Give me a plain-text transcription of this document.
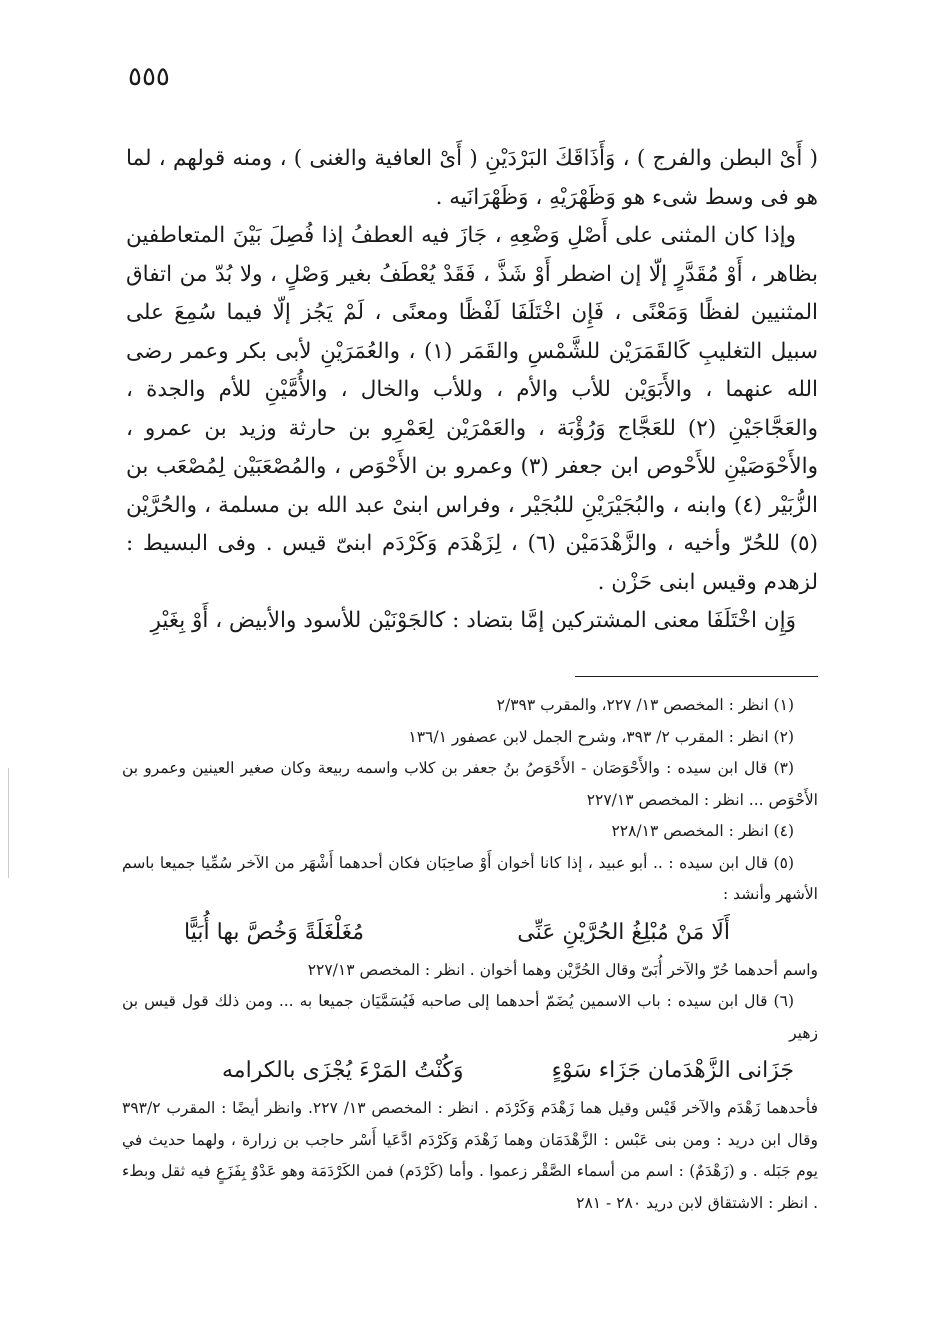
٥٥٥

( أَىْ البطن والفرج ) ، وَأَذَاقَكَ البَرْدَيْنِ ( أَىْ العافية والغنى ) ، ومنه قولهم ، لما هو فى وسط شىء هو وَظَهْرَيْهِ ، وَظَهْرَانَيه .

وإذا كان المثنى على أَصْلِ وَضْعِهِ ، جَازَ فيه العطفُ إذا فُصِلَ بَيْنَ المتعاطفين بظاهر ، أَوْ مُقَدَّرٍ إلّا إن اضطر أَوْ شَذَّ ، فَقَدْ يُعْطَفُ بغير وَصْلٍ ، ولا بُدّ من اتفاق المثنيين لفظًا وَمَعْنًى ، فَإِن اخْتَلَفَا لَفْظًا ومعنًى ، لَمْ يَجُز إلّا فيما سُمِعَ على سبيل التغليبِ كَالقَمَرَيْن للشَّمْسِ والقَمَر (١) ، والعُمَرَيْنِ لأبى بكر وعمر رضى الله عنهما ، والأَبَوَيْن للأب والأم ، وللأب والخال ، والأُمَّيْنِ للأم والجدة ، والعَجَّاجَيْنِ (٢) للعَجَّاج وَرُؤْبَة ، والعَمْرَيْن لِعَمْرِو بن حارثة وزيد بن عمرو ، والأَحْوَصَيْنِ للأَحْوص ابن جعفر (٣) وعمرو بن الأَحْوَص ، والمُصْعَبَيْن لِمُصْعَب بن الزُّبَيْر (٤) وابنه ، والبُجَيْرَيْنِ للبُجَيْر ، وفراس ابنىْ عبد الله بن مسلمة ، والحُرَّيْن (٥) للحُرّ وأخيه ، والزَّهْدَمَيْن (٦) ، لِزَهْدَم وَكَرْدَم ابنىّ قيس . وفى البسيط : لزهدم وقيس ابنى حَزْن .

وَإِن اخْتَلَفَا معنى المشتركين إمَّا بتضاد : كالجَوْنَيْن للأسود والأبيض ، أَوْ بِغَيْرِ

(١) انظر : المخصص ١٣/ ٢٢٧، والمقرب ٢/٣٩٣

(٢) انظر : المقرب ٢/ ٣٩٣، وشرح الجمل لابن عصفور ١٣٦/١

(٣) قال ابن سيده : والأَحْوَصَان - الأَحْوَصُ بنُ جعفر بن كلاب واسمه ربيعة وكان صغير العينين وعمرو بن الأَحْوَص ... انظر : المخصص ٢٢٧/١٣

(٤) انظر : المخصص ٢٢٨/١٣

(٥) قال ابن سيده : .. أبو عبيد ، إذا كانا أخوان أَوْ صاحِبَان فكان أحدهما أَشْهَر من الآخر سُمِّيا جميعا باسم الأشهر وأنشد :

أَلَا مَنْ مُبْلِغُ الحُرَّيْنِ عَنِّى
مُغَلْغَلَةً وَخُصَّ بها أُبَيًّا

واسم أحدهما حُرّ والآخر أُبَىّ وقال الحُرَّيْن وهما أخوان . انظر : المخصص ٢٢٧/١٣

(٦) قال ابن سيده : باب الاسمين يُضَمّ أحدهما إلى صاحبه فَيُسَمَّيَان جميعا به ... ومن ذلك قول قيس بن زهير

جَزَانى الزَّهْدَمان جَزَاء سَوْءٍ
وَكُنْتُ المَرْءَ يُجْزَى بالكرامه

فأحدهما زَهْدَم والآخر قَيْس وقيل هما زَهْدَم وَكَرْدَم . انظر : المخصص ١٣/ ٢٢٧. وانظر أيضًا : المقرب ٣٩٣/٢ وقال ابن دريد : ومن بنى عَبْس : الزَّهْدَمَان وهما زَهْدَم وَكَرْدَم ادَّعَيا أَسْر حاجب بن زرارة ، ولهما حديث في يوم جَبَله . و (زَهْدَمٌ) : اسم من أسماء الصَّقْر زعموا . وأما (كَرْدَم) فمن الكَرْدَمَة وهو عَدْوٌ بِفَزَعٍ فيه ثقل وبطء . انظر : الاشتقاق لابن دريد ٢٨٠ - ٢٨١
